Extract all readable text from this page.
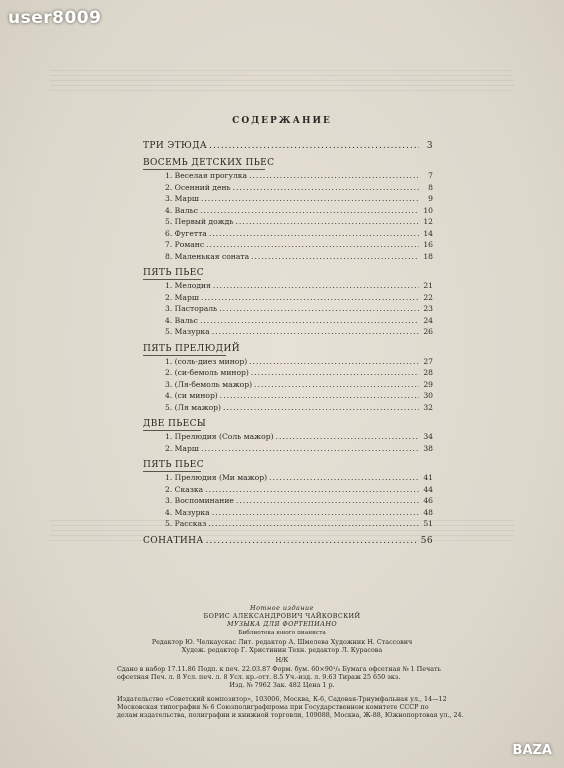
user8009
СОДЕРЖАНИЕ
ТРИ ЭТЮДА .....	3
ВОСЕМЬ ДЕТСКИХ ПЬЕС
1. Веселая прогулка .....	7
2. Осенний день .....	8
3. Марш .....	9
4. Вальс .....	10
5. Первый дождь .....	12
6. Фугетта .....	14
7. Романс .....	16
8. Маленькая соната .....	18
ПЯТЬ ПЬЕС
1. Мелодия .....	21
2. Марш .....	22
3. Пастораль .....	23
4. Вальс .....	24
5. Мазурка .....	26
ПЯТЬ ПРЕЛЮДИЙ
1. (соль-диез минор) .....	27
2. (си-бемоль минор) .....	28
3. (Ля-бемоль мажор) .....	29
4. (си минор) .....	30
5. (Ля мажор) .....	32
ДВЕ ПЬЕСЫ
1. Прелюдия (Соль мажор) .....	34
2. Марш .....	38
ПЯТЬ ПЬЕС
1. Прелюдия (Ми мажор) .....	41
2. Сказка .....	44
3. Воспоминание .....	46
4. Мазурка .....	48
5. Рассказ .....	51
СОНАТИНА .....	56
Нотное издание
БОРИС АЛЕКСАНДРОВИЧ ЧАЙКОВСКИЙ
МУЗЫКА ДЛЯ ФОРТЕПИАНО
Библиотека юного пианиста
Редактор Ю. Челкаускас Лит. редактор А. Шмелева Художник Н. Стассович
Худож. редактор Г. Христинин Техн. редактор Л. Курасова
Н/К
Сдано в набор 17.11.86 Подп. к печ. 22.03.87 Форм. бум. 60×90¹/₈ Бумага офсетная № 1 Печать
офсетная Печ. л. 8 Усл. печ. л. 8 Усл. кр.-отт. 8.5 Уч.-изд. л. 9.63 Тираж 25 650 экз.
Изд. № 7962 Зак. 482 Цена 1 р.
Издательство «Советский композитор», 103006, Москва, К-6, Садовая-Триумфальная ул., 14—12
Московская типография № 6 Союзполиграфпрома при Государственном комитете СССР по
делам издательства, полиграфии и книжной торговли, 109088, Москва, Ж-88, Южнопортовая ул., 24.
BAZA
